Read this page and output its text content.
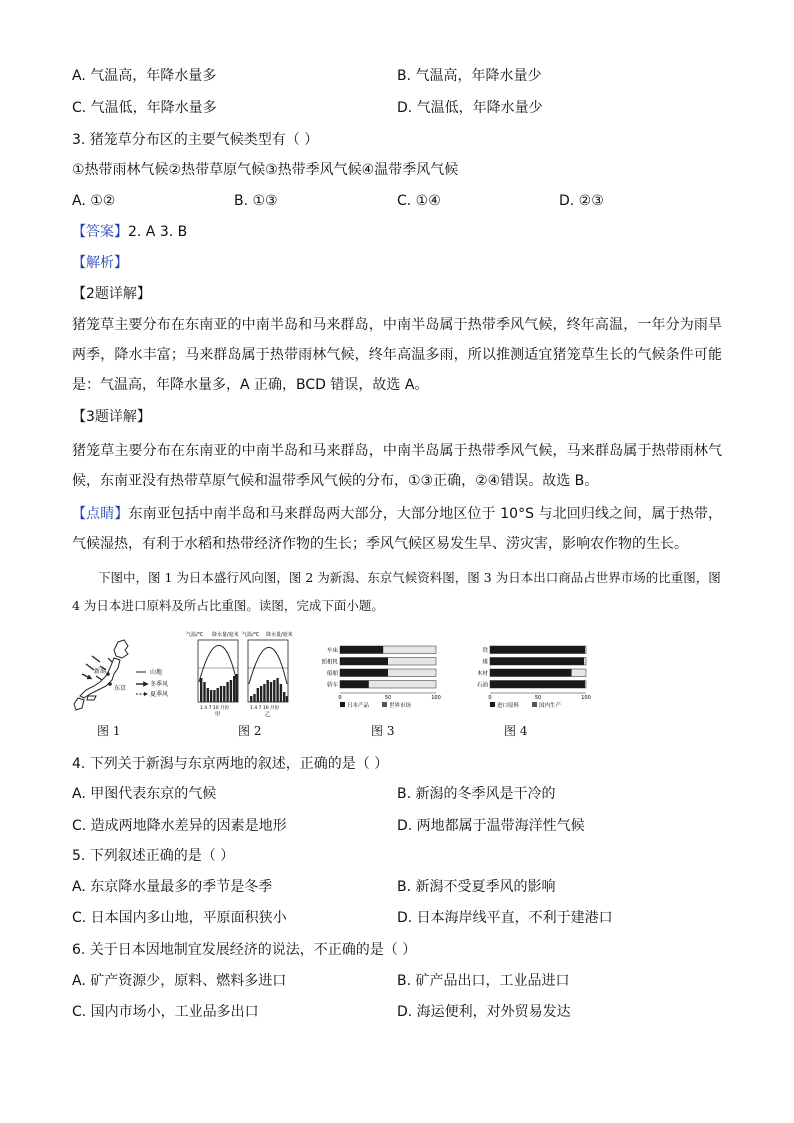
A. 气温高，年降水量多	B. 气温高，年降水量少
C. 气温低，年降水量多	D. 气温低，年降水量少
3. 猪笼草分布区的主要气候类型有（ ）
①热带雨林气候②热带草原气候③热带季风气候④温带季风气候
A. ①②	B. ①③	C. ①④	D. ②③
【答案】2. A 3. B
【解析】
【2题详解】
猪笼草主要分布在东南亚的中南半岛和马来群岛，中南半岛属于热带季风气候，终年高温，一年分为雨旱两季，降水丰富；马来群岛属于热带雨林气候，终年高温多雨，所以推测适宜猪笼草生长的气候条件可能是：气温高，年降水量多，A 正确，BCD 错误，故选 A。
【3题详解】
猪笼草主要分布在东南亚的中南半岛和马来群岛，中南半岛属于热带季风气候，马来群岛属于热带雨林气候，东南亚没有热带草原气候和温带季风气候的分布，①③正确，②④错误。故选 B。
【点睛】东南亚包括中南半岛和马来群岛两大部分，大部分地区位于 10°S 与北回归线之间，属于热带，气候湿热，有利于水稻和热带经济作物的生长；季风气候区易发生旱、涝灾害，影响农作物的生长。
下图中，图 1 为日本盛行风向图，图 2 为新潟、东京气候资料图，图 3 为日本出口商品占世界市场的比重图，图 4 为日本进口原料及所占比重图。读图，完成下面小题。
新潟
东京
山地
冬季风
夏季风
图 1
气温/℃ 降水量/毫米 气温/℃ 降水量/毫米
1 4 7 10 月份	1 4 7 10 月份
甲	乙
图 2
车床
照相机
船舶
轿车
0	50	100
日本产品	世界市场
图 3
铁
煤
木材
石油
0	50	100
进口原料	国内生产
图 4
4. 下列关于新潟与东京两地的叙述，正确的是（ ）
A. 甲图代表东京的气候	B. 新潟的冬季风是干冷的
C. 造成两地降水差异的因素是地形	D. 两地都属于温带海洋性气候
5. 下列叙述正确的是（ ）
A. 东京降水量最多的季节是冬季	B. 新潟不受夏季风的影响
C. 日本国内多山地，平原面积狭小	D. 日本海岸线平直，不利于建港口
6. 关于日本因地制宜发展经济的说法，不正确的是（ ）
A. 矿产资源少，原料、燃料多进口	B. 矿产品出口，工业品进口
C. 国内市场小，工业品多出口	D. 海运便利，对外贸易发达
